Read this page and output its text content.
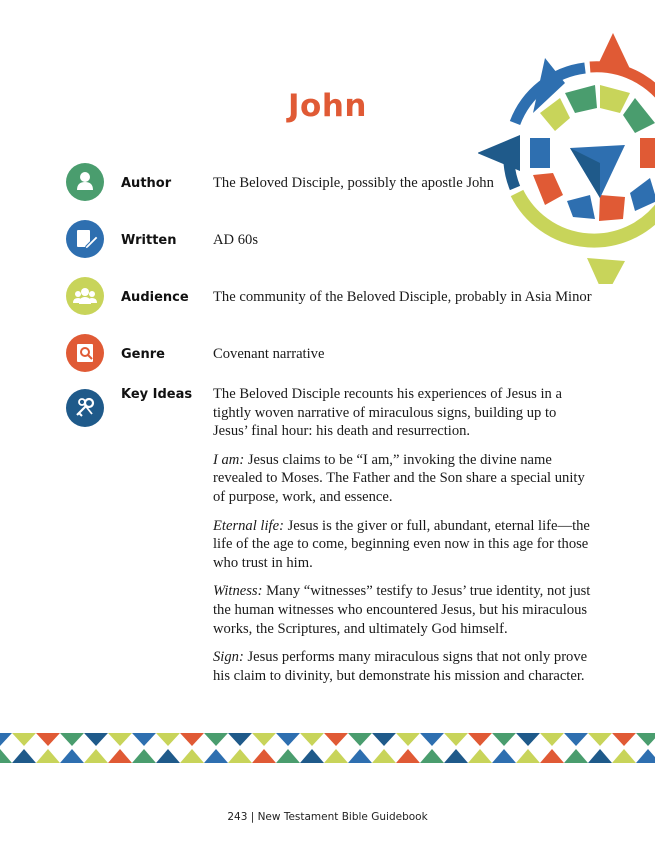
John
Author	The Beloved Disciple, possibly the apostle John
Written	AD 60s
Audience The community of the Beloved Disciple, probably in Asia Minor
Genre	Covenant narrative
Key Ideas The Beloved Disciple recounts his experiences of Jesus in a tightly woven narrative of miraculous signs, building up to Jesus’ final hour: his death and resurrection.

I am: Jesus claims to be “I am,” invoking the divine name revealed to Moses. The Father and the Son share a special unity of purpose, work, and essence.

Eternal life: Jesus is the giver or full, abundant, eternal life—the life of the age to come, beginning even now in this age for those who trust in him.

Witness: Many “witnesses” testify to Jesus’ true identity, not just the human witnesses who encountered Jesus, but his miraculous works, the Scriptures, and ultimately God himself.

Sign: Jesus performs many miraculous signs that not only prove his claim to divinity, but demonstrate his mission and character.

243 | New Testament Bible Guidebook
